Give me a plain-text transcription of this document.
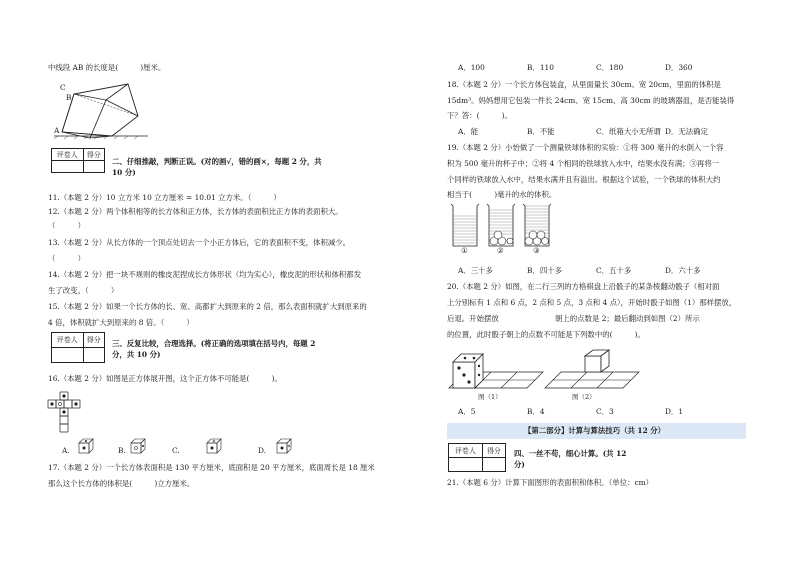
中线段 AB 的长度是(　　　)厘米。
B
C
A
评卷人	得分

二、仔细推敲，判断正误。(对的画√，错的画×，每题 2 分，共
10 分)
11.（本题 2 分）10 立方米 10 立方厘米 = 10.01 立方米。（　　　）
12.（本题 2 分）两个体积相等的长方体和正方体，长方体的表面积比正方体的表面积大。
（　　　）
13.（本题 2 分）从长方体的一个顶点处切去一个小正方体后，它的表面积不变，体积减少。
（　　　）
14.（本题 2 分）把一块不规则的橡皮泥捏成长方体形状（均为实心），橡皮泥的形状和体积都发
生了改变。（　　　）
15.（本题 2 分）如果一个长方体的长、宽、高都扩大到原来的 2 倍，那么表面积就扩大到原来的
4 倍，体积就扩大到原来的 8 倍。（　　　）
评卷人	得分
	三、反复比较，合理选择。(将正确的选项填在括号内，每题 2
分，共 10 分)
16.（本题 2 分）如图是正方体展开图，这个正方体不可能是(　　　)。
A.	B.	C.	D.
17.（本题 2 分）一个长方体表面积是 130 平方厘米，底面积是 20 平方厘米，底面周长是 18 厘米
那么这个长方体的体积是(　　　)立方厘米。
A．100	B．110	C．180	D．360
18.（本题 2 分）一个长方体包装盒，从里面量长 30cm、宽 20cm，里面的体积是
15dm³。妈妈想用它包装一件长 24cm、宽 15cm、高 30cm 的玻璃器皿，是否能装得
下？答：(　　　)。
A．能	B．不能	C．纸箱大小无所谓 D．无法确定
19.（本题 2 分）小怡做了一个测量铁球体积的实验：①将 300 毫升的水倒入一个容
积为 500 毫升的杯子中；②将 4 个相同的铁球放入水中，结果水没有满；③再将一
个同样的铁球放入水中，结果水满并且有溢出。根据这个试验，一个铁球的体积大约
相当于(　　　)毫升的水的体积。
①	②	③
A．三十多	B．四十多	C．五十多	D．六十多
20.（本题 2 分）如图，在二行三列的方格棋盘上沿骰子的某条棱翻动骰子（相对面
上分别标有 1 点和 6 点，2 点和 5 点，3 点和 4 点），开始时骰子如图（1）那样摆放，
后退。开始摆放	朝上的点数是 2；最后翻动到如图（2）所示
的位置，此时骰子朝上的点数不可能是下列数中的(　　　)。
图（1）	图（2）
A．5	B．4	C．3	D．1
【第二部分】计算与算法技巧（共 12 分）
评卷人	得分
	四、一丝不苟，细心计算。(共 12
分)
21.（本题 6 分）计算下面图形的表面积和体积。（单位：cm）
